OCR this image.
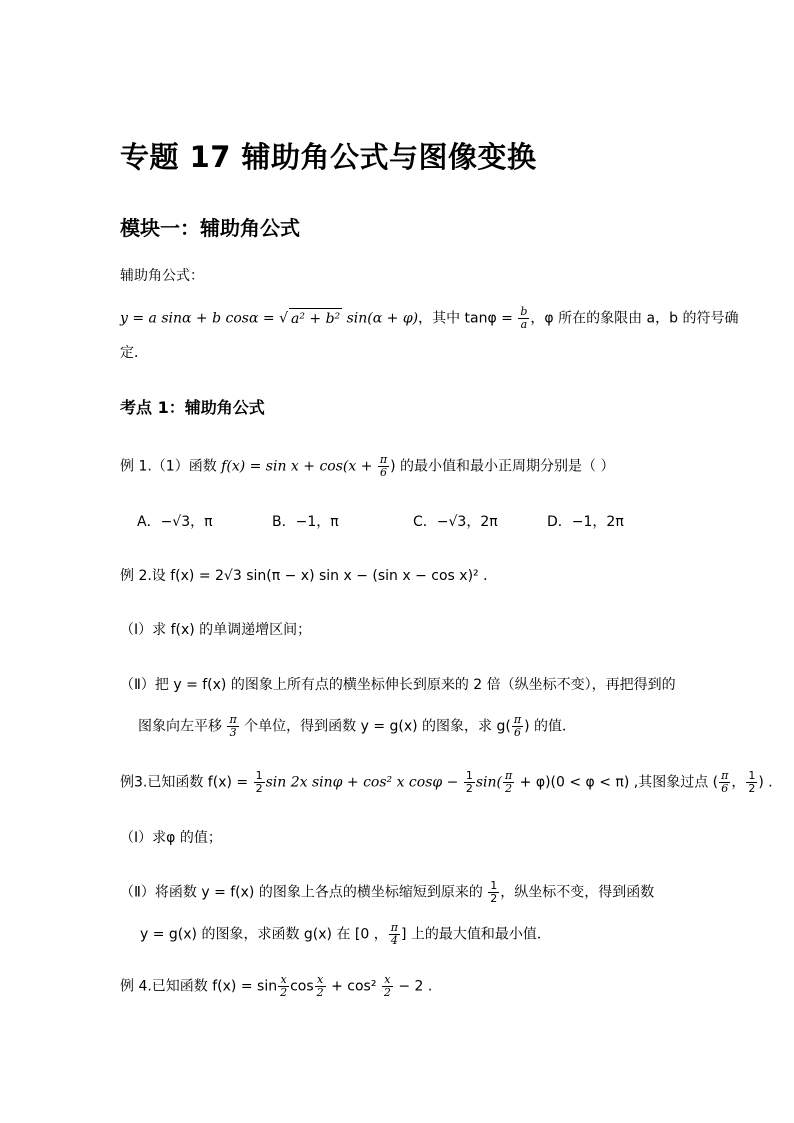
专题 17 辅助角公式与图像变换
模块一：辅助角公式
辅助角公式：
y = a sinα + b cosα = √ a² + b² sin(α + φ)，其中 $\tan\varphi = \frac{b}{a}$ ，φ 所在的象限由 a，b 的符号确
定．
考点 1：辅助角公式
例 1.（1）函数 $f(x) = \sin x + \cos(x + \frac{\pi}{6}$ ) 的最小值和最小正周期分别是（ ）
A．−√3，π	B．−1，π	C．−√3，2π	D．−1，2π
例 2.设 f(x) = 2√3 sin(π − x) sin x − (sin x − cos x)² ．
（Ⅰ）求 f(x) 的单调递增区间；
（Ⅱ）把 y = f(x) 的图象上所有点的横坐标伸长到原来的 2 倍（纵坐标不变），再把得到的
图象向左平移 $\frac{\pi}{3}$ 个单位，得到函数 y = g(x) 的图象，求 $g( \frac{\pi}{6}$ ) 的值．
例3.已知函数 $f(x) = \frac{1}{2}$ sin 2x sinφ + cos² x $\cos\varphi - \frac{1}{2} \sin( \frac{\pi}{2} + \varphi)(0 < \varphi < \pi)$ ,其图象过点 ( $\frac{\pi}{6}$ ， $\frac{1}{2}$ ) .
（Ⅰ）求φ 的值；
（Ⅱ）将函数 y = f(x) 的图象上各点的横坐标缩短到原来的 $\frac{1}{2}$ ，纵坐标不变，得到函数
y = g(x) 的图象，求函数 g(x) 在 [0 ， $\frac{\pi}{4}$ ] 上的最大值和最小值．
例 4.已知函数 $f(x) = \sin \frac{x}{2}$ $\cos \frac{x}{2} + \cos^2 \frac{x}{2} - 2$ .
